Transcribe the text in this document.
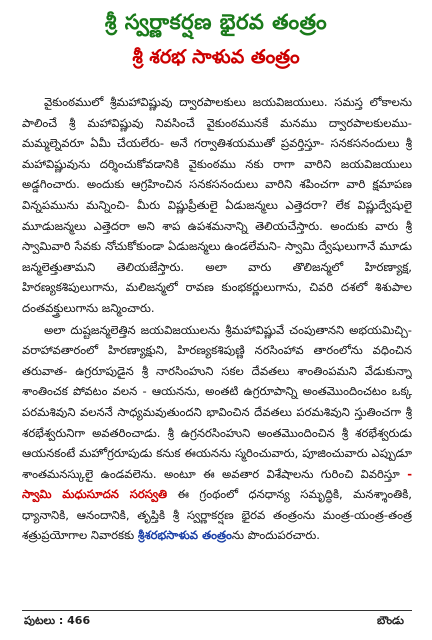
శ్రీ స్వర్ణాకర్షణ భైరవ తంత్రం
శ్రీ శరభ సాళువ తంత్రం

వైకుంఠములో శ్రీమహావిష్ణువు ద్వారపాలకులు జయవిజయులు. సమస్త లోకాలను పాలించే శ్రీ మహావిష్ణువు నివసించే వైకుంఠమునకే మనము ద్వారపాలకులము- మమ్మల్నెవరూ ఏమీ చేయలేరు- అనే గర్వాతిశయముతో ప్రవర్తిస్తూ- సనకసనందులు శ్రీ మహావిష్ణువును దర్శించుకోవడానికి వైకుంఠము నకు రాగా వారిని జయవిజయులు అడ్డగించారు. అందుకు ఆగ్రహించిన సనకసనందులు వారిని శపించగా వారి క్షమాపణ విన్నపమును మన్నించి- మీరు విష్ణుప్రీతులై ఏడుజన్మలు ఎత్తెదరా? లేక విష్ణుద్వేషులై మూడుజన్మలు ఎత్తెదరా అని శాప ఉపశమనాన్ని తెలియచేస్తారు. అందుకు వారు శ్రీ స్వామివారి సేవకు నోచుకోకుండా ఏడుజన్మలు ఉండలేమని- స్వామి ద్వేషులుగానే మూడు జన్మలెత్తుతామని తెలియజేస్తారు. అలా వారు తొలిజన్మలో హిరణ్యాక్ష, హిరణ్యకశిపులుగాను, మలిజన్మలో రావణ కుంభకర్ణులుగాను, చివరి దశలో శిశుపాల దంతవక్త్రులుగాను జన్మించారు.

అలా దుష్టజన్మలెత్తిన జయవిజయులను శ్రీమహావిష్ణువే చంపుతానని అభయమిచ్చి- వరాహావతారంలో హిరణ్యాక్షుని, హిరణ్యకశిపుణ్ణి నరసింహావ తారంలోను వధించిన తరువాత- ఉగ్రరూపుడైన శ్రీ నారసింహుని సకల దేవతలు శాంతింపమని వేడుకున్నా శాంతించక పోవటం వలన - ఆయనను, అంతటి ఉగ్రరూపాన్ని అంతమొందించటం ఒక్క పరమశివుని వలననే సాధ్యమవుతుందని భావించిన దేవతలు పరమశివుని స్తుతించగా శ్రీ శరభేశ్వరునిగా అవతరించాడు. శ్రీ ఉగ్రనరసింహుని అంతమొందించిన శ్రీ శరభేశ్వరుడు ఆయనకంటే మహోగ్రరూపుడు కనుక ఈయనను స్మరించువారు, పూజించువారు ఎప్పుడూ శాంతమనస్కులై ఉండవలెను. అంటూ ఈ అవతార విశేషాలను గురించి వివరిస్తూ - స్వామి మధుసూదన సరస్వతి ఈ గ్రంథంలో ధనధాన్య సమృద్ధికి, మనశ్శాంతికి, ధ్యానానికి, ఆనందానికి, తృప్తికి శ్రీ స్వర్ణాకర్షణ భైరవ తంత్రంను మంత్ర-యంత్ర-తంత్ర శత్రుప్రయోగాల నివారకకు శ్రీశరభసాళువ తంత్రంను పొందుపరచారు.

పుటలు : 466	బౌండు
